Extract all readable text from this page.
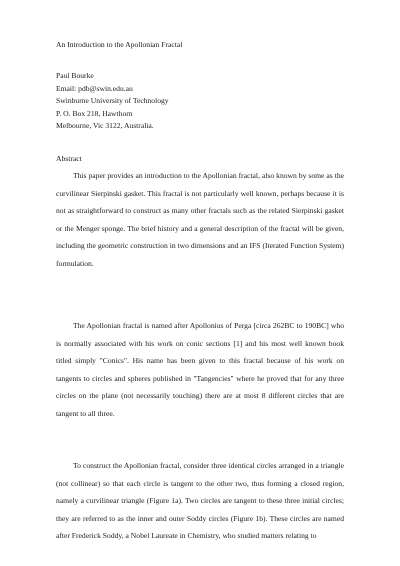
An Introduction to the Apollonian Fractal
Paul Bourke
Email: pdb@swin.edu.au
Swinburne University of Technology
P. O. Box 218, Hawthorn
Melbourne, Vic 3122, Australia.
Abstract

This paper provides an introduction to the Apollonian fractal, also known by some as the curvilinear Sierpinski gasket. This fractal is not particularly well known, perhaps because it is not as straightforward to construct as many other fractals such as the related Sierpinski gasket or the Menger sponge. The brief history and a general description of the fractal will be given, including the geometric construction in two dimensions and an IFS (Iterated Function System) formulation.

The Apollonian fractal is named after Apollonius of Perga [circa 262BC to 190BC] who is normally associated with his work on conic sections [1] and his most well known book titled simply "Conics". His name has been given to this fractal because of his work on tangents to circles and spheres published in "Tangencies" where he proved that for any three circles on the plane (not necessarily touching) there are at most 8 different circles that are tangent to all three.

To construct the Apollonian fractal, consider three identical circles arranged in a triangle (not collinear) so that each circle is tangent to the other two, thus forming a closed region, namely a curvilinear triangle (Figure 1a). Two circles are tangent to these three initial circles; they are referred to as the inner and outer Soddy circles (Figure 1b). These circles are named after Frederick Soddy, a Nobel Laureate in Chemistry, who studied matters relating to
